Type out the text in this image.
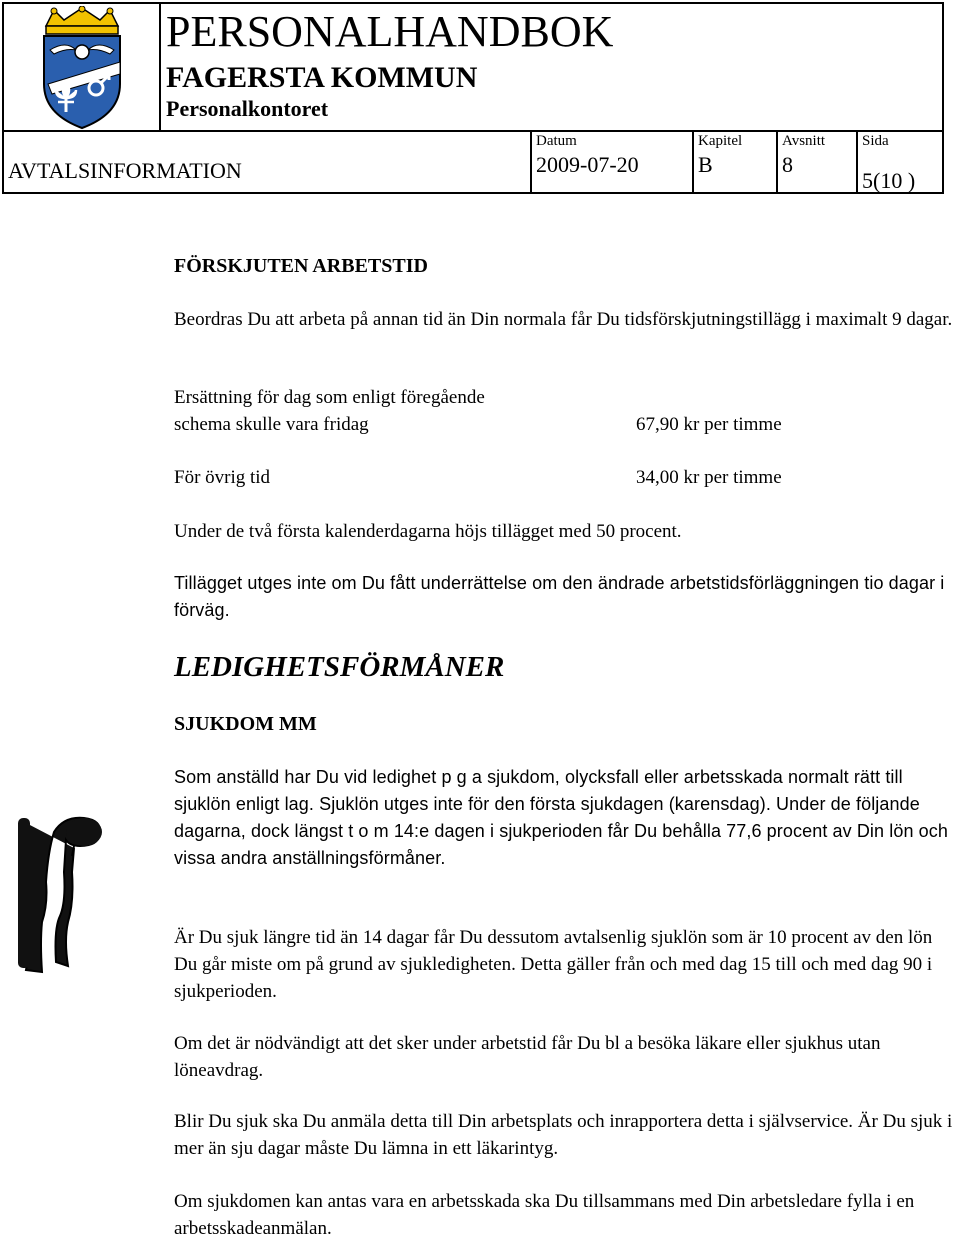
PERSONALHANDBOK
FAGERSTA KOMMUN
Personalkontoret
AVTALSINFORMATION
Datum
2009-07-20
Kapitel
B
Avsnitt
8
Sida
5(10 )
FÖRSKJUTEN ARBETSTID
Beordras Du att arbeta på annan tid än Din normala får Du tidsförskjutningstillägg i maximalt 9 dagar.
Ersättning för dag som enligt föregående schema skulle vara fridag	67,90 kr per timme
För övrig tid	34,00 kr per timme
Under de två första kalenderdagarna höjs tillägget med 50 procent.
Tillägget utges inte om Du fått underrättelse om den ändrade arbetstidsförläggningen tio dagar i förväg.
LEDIGHETSFÖRMÅNER
SJUKDOM MM
Som anställd har Du vid ledighet p g a sjukdom, olycksfall eller arbetsskada normalt rätt till sjuklön enligt lag. Sjuklön utges inte för den första sjukdagen (karensdag). Under de följande dagarna, dock längst t o m 14:e dagen i sjukperioden får Du behålla 77,6 procent av Din lön och vissa andra anställningsförmåner.
Är Du sjuk längre tid än 14 dagar får Du dessutom avtalsenlig sjuklön som är 10 procent av den lön Du går miste om på grund av sjukledigheten. Detta gäller från och med dag 15 till och med dag 90 i sjukperioden.
Om det är nödvändigt att det sker under arbetstid får Du bl a besöka läkare eller sjukhus utan löneavdrag.
Blir Du sjuk ska Du anmäla detta till Din arbetsplats och inrapportera detta i självservice. Är Du sjuk i mer än sju dagar måste Du lämna in ett läkarintyg.
Om sjukdomen kan antas vara en arbetsskada ska Du tillsammans med Din arbetsledare fylla i en arbetsskadeanmälan.
